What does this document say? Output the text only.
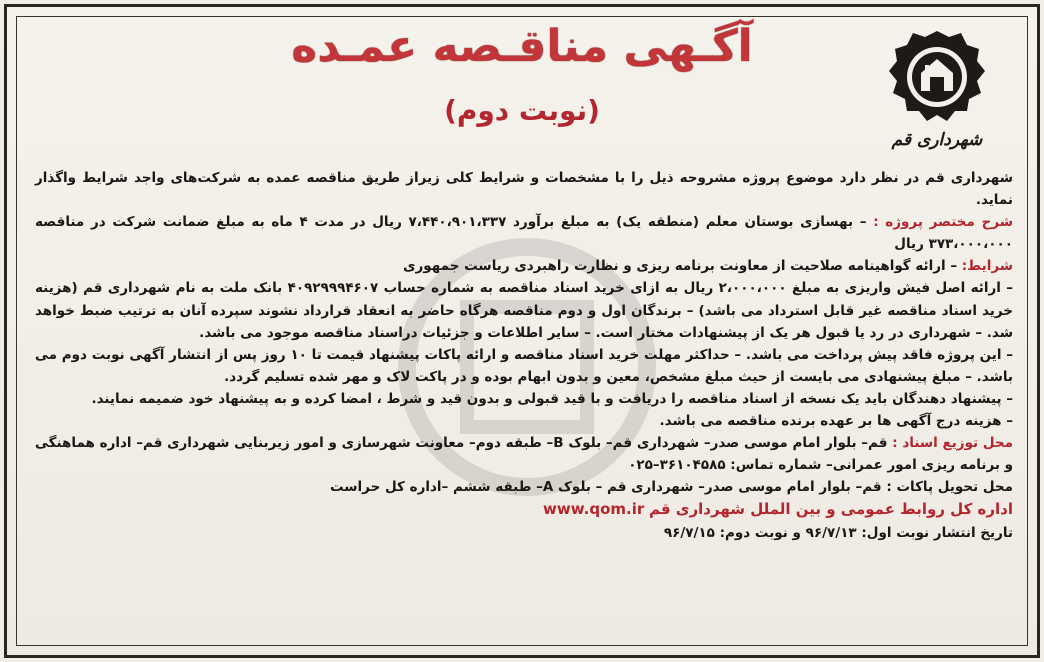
شهرداری قم
آگـهی مناقـصه عمـده
(نوبت دوم)

شهرداری قم در نظر دارد موضوع پروژه مشروحه ذیل را با مشخصات و شرایط کلی زیراز طریق مناقصه عمده به شرکت‌های واجد شرایط واگذار نماید.

شرح مختصر پروژه : – بهسازی بوستان معلم (منطقه یک) به مبلغ برآورد ۷،۴۴۰،۹۰۱،۳۳۷ ریال در مدت ۴ ماه به مبلغ ضمانت شرکت در مناقصه ۳۷۳،۰۰۰،۰۰۰ ریال

شرایط: – ارائه گواهینامه صلاحیت از معاونت برنامه ریزی و نظارت راهبردی ریاست جمهوری

– ارائه اصل فیش واریزی به مبلغ ۲،۰۰۰،۰۰۰ ریال به ازای خرید اسناد مناقصه به شماره حساب ۴۰۹۲۹۹۹۴۶۰۷ بانک ملت به نام شهرداری قم (هزینه خرید اسناد مناقصه غیر قابل استرداد می باشد) – برندگان اول و دوم مناقصه هرگاه حاضر به انعقاد قرارداد نشوند سپرده آنان به ترتیب ضبط خواهد شد. – شهرداری در رد یا قبول هر یک از پیشنهادات مختار است. – سایر اطلاعات و جزئیات دراسناد مناقصه موجود می باشد.

– این پروژه فاقد پیش پرداخت می باشد. – حداکثر مهلت خرید اسناد مناقصه و ارائه پاکات پیشنهاد قیمت تا ۱۰ روز پس از انتشار آگهی نوبت دوم می باشد. – مبلغ پیشنهادی می بایست از حیث مبلغ مشخص، معین و بدون ابهام بوده و در پاکت لاک و مهر شده تسلیم گردد.

– پیشنهاد دهندگان باید یک نسخه از اسناد مناقصه را دریافت و با قید قبولی و بدون قید و شرط ، امضا کرده و به پیشنهاد خود ضمیمه نمایند.

– هزینه درج آگهی ها بر عهده برنده مناقصه می باشد.

محل توزیع اسناد : قم– بلوار امام موسی صدر– شهرداری قم– بلوک B– طبقه دوم– معاونت شهرسازی و امور زیربنایی شهرداری قم– اداره هماهنگی و برنامه ریزی امور عمرانی– شماره تماس: ۳۶۱۰۴۵۸۵–۰۲۵

محل تحویل پاکات : قم– بلوار امام موسی صدر– شهرداری قم – بلوک A– طبقه ششم –اداره کل حراست

اداره کل روابط عمومی و بین الملل شهرداری قم www.qom.ir

تاریخ انتشار نوبت اول: ۹۶/۷/۱۳ و نوبت دوم: ۹۶/۷/۱۵
